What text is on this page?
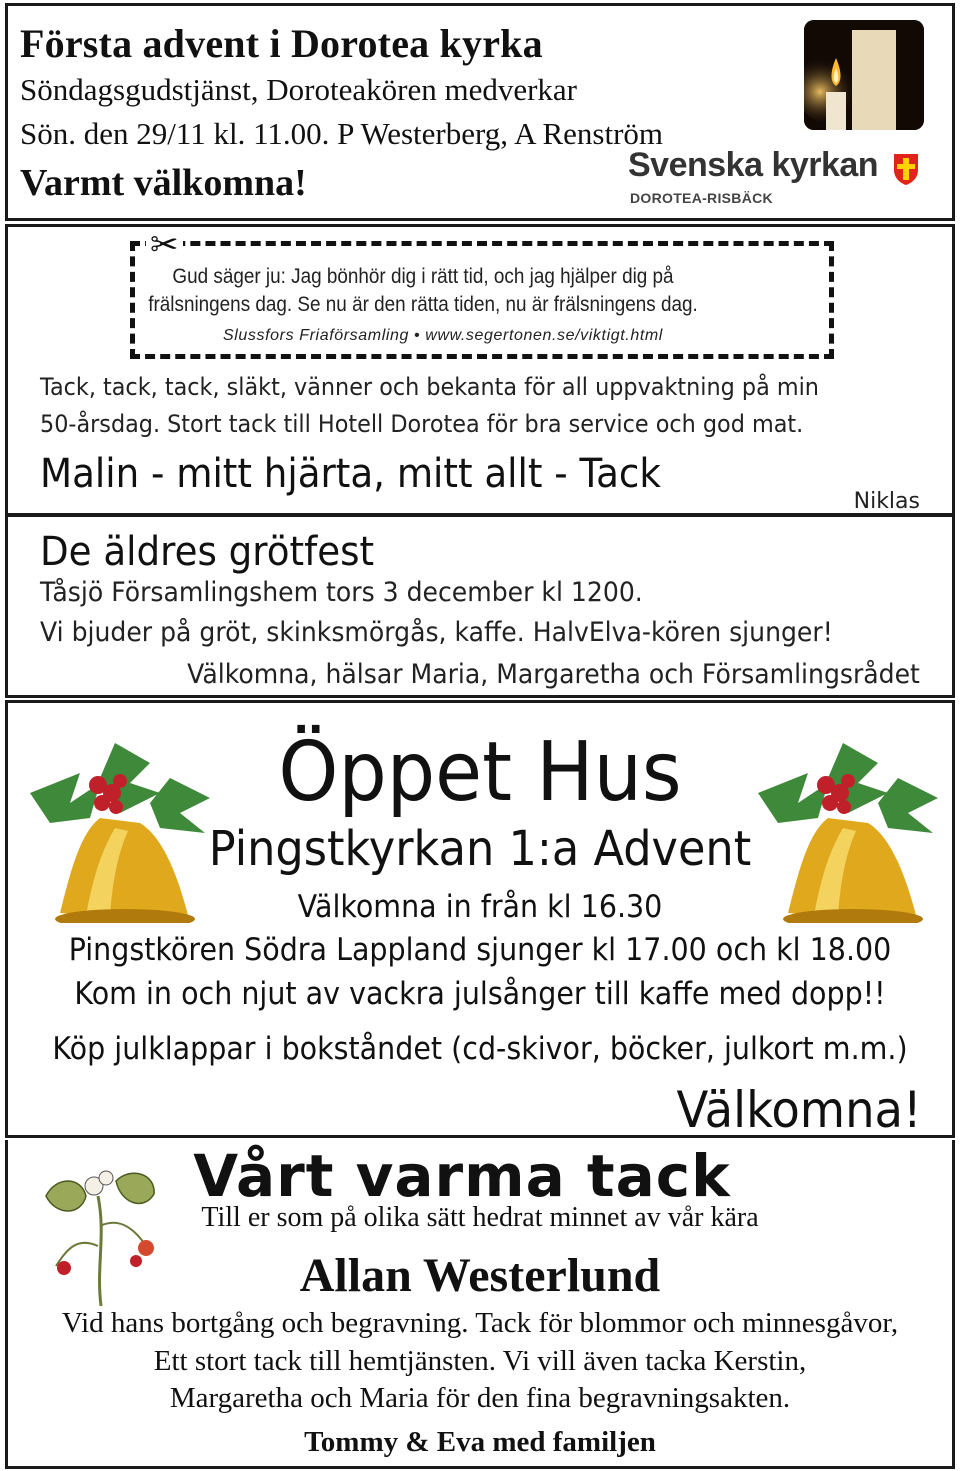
Första advent i Dorotea kyrka
Söndagsgudstjänst, Doroteakören medverkar
Sön. den 29/11 kl. 11.00. P Westerberg, A Renström
Varmt välkomna!	Svenska kyrkan
DOROTEA-RISBÄCK
✂
Gud säger ju: Jag bönhör dig i rätt tid, och jag hjälper dig på
frälsningens dag. Se nu är den rätta tiden, nu är frälsningens dag.
Slussfors Friaförsamling • www.segertonen.se/viktigt.html
Tack, tack, tack, släkt, vänner och bekanta för all uppvaktning på min
50-årsdag. Stort tack till Hotell Dorotea för bra service och god mat.
Malin - mitt hjärta, mitt allt - Tack
Niklas
De äldres grötfest
Tåsjö Församlingshem tors 3 december kl 1200.
Vi bjuder på gröt, skinksmörgås, kaffe. HalvElva-kören sjunger!
Välkomna, hälsar Maria, Margaretha och Församlingsrådet
Öppet Hus
Pingstkyrkan 1:a Advent
Välkomna in från kl 16.30
Pingstkören Södra Lappland sjunger kl 17.00 och kl 18.00
Kom in och njut av vackra julsånger till kaffe med dopp!!
Köp julklappar i bokståndet (cd-skivor, böcker, julkort m.m.)
Välkomna!
Vårt varma tack
Till er som på olika sätt hedrat minnet av vår kära
Allan Westerlund
Vid hans bortgång och begravning. Tack för blommor och minnesgåvor,
Ett stort tack till hemtjänsten. Vi vill även tacka Kerstin,
Margaretha och Maria för den fina begravningsakten.
Tommy & Eva med familjen
